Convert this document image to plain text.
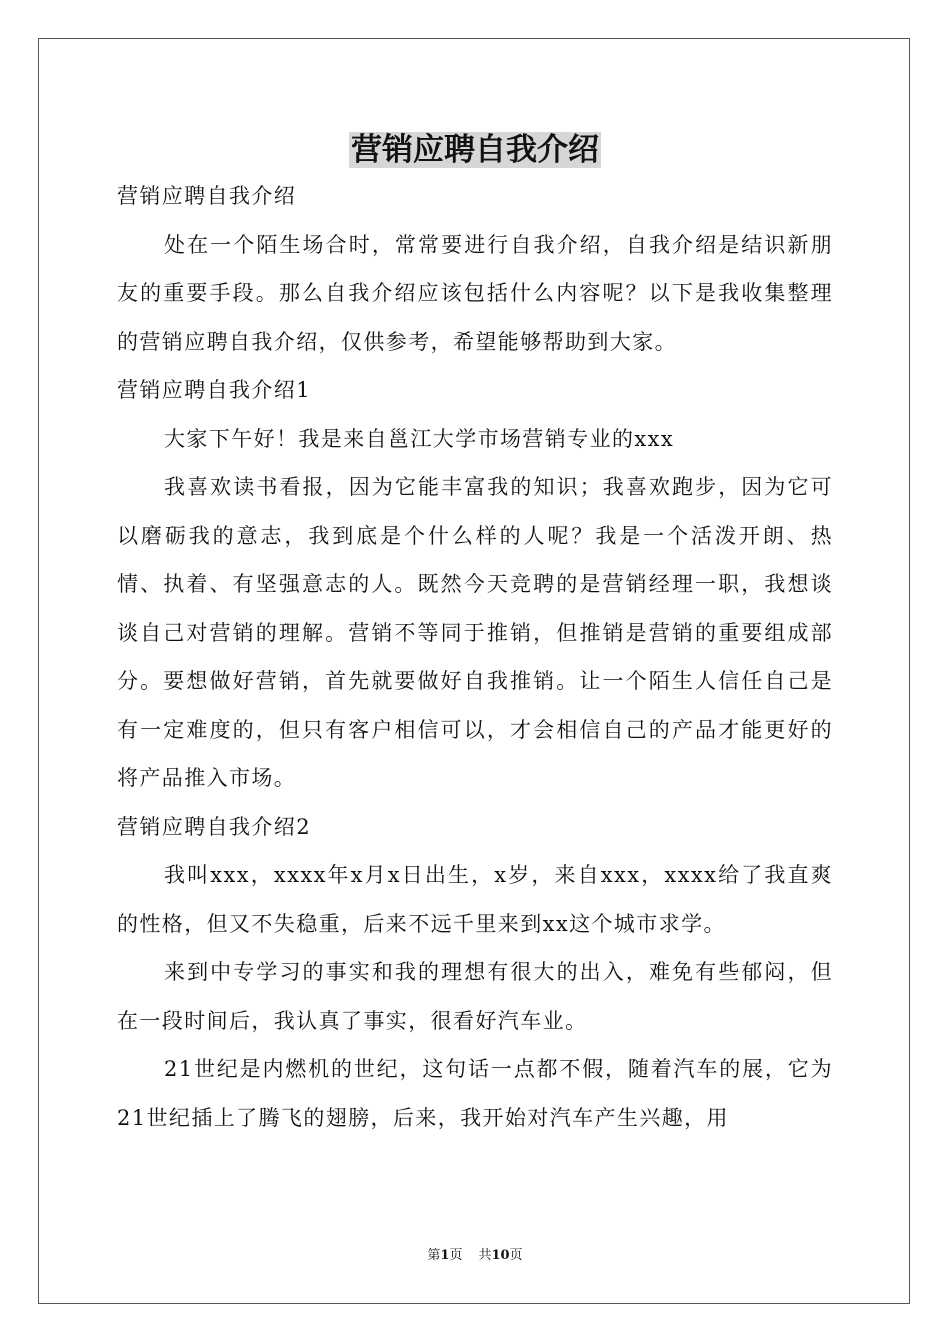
营销应聘自我介绍

营销应聘自我介绍

处在一个陌生场合时，常常要进行自我介绍，自我介绍是结识新朋友的重要手段。那么自我介绍应该包括什么内容呢？以下是我收集整理的营销应聘自我介绍，仅供参考，希望能够帮助到大家。

营销应聘自我介绍1

大家下午好！我是来自邕江大学市场营销专业的xxx

我喜欢读书看报，因为它能丰富我的知识；我喜欢跑步，因为它可以磨砺我的意志，我到底是个什么样的人呢？我是一个活泼开朗、热情、执着、有坚强意志的人。既然今天竞聘的是营销经理一职，我想谈谈自己对营销的理解。营销不等同于推销，但推销是营销的重要组成部分。要想做好营销，首先就要做好自我推销。让一个陌生人信任自己是有一定难度的，但只有客户相信可以，才会相信自己的产品才能更好的将产品推入市场。

营销应聘自我介绍2

我叫xxx，xxxx年x月x日出生，x岁，来自xxx，xxxx给了我直爽的性格，但又不失稳重，后来不远千里来到xx这个城市求学。

来到中专学习的事实和我的理想有很大的出入，难免有些郁闷，但在一段时间后，我认真了事实，很看好汽车业。

21世纪是内燃机的世纪，这句话一点都不假，随着汽车的展，它为21世纪插上了腾飞的翅膀，后来，我开始对汽车产生兴趣，用

第1页 共10页
